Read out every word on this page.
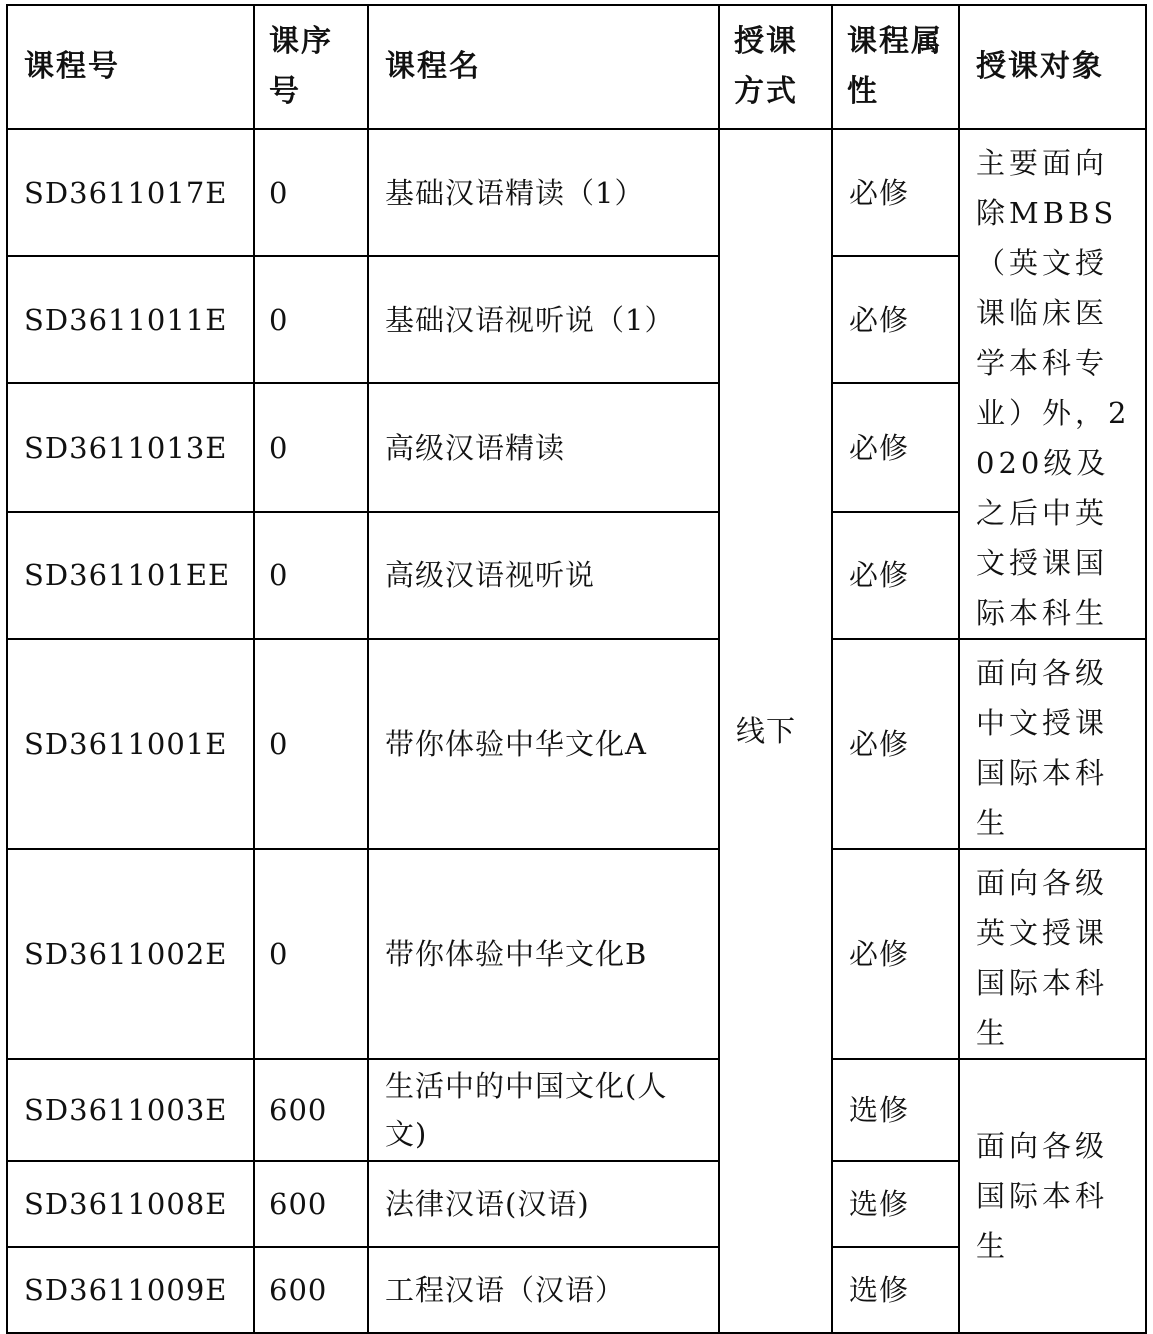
课程号	课序号	课程名	授课方式	课程属性	授课对象
SD3611017E	0	基础汉语精读（1）	线下	必修	主要面向除MBBS（英文授课临床医学本科专业）外，2020级及之后中英文授课国际本科生
SD3611011E	0	基础汉语视听说（1）		必修	
SD3611013E	0	高级汉语精读		必修	
SD361101EE	0	高级汉语视听说		必修	
SD3611001E	0	带你体验中华文化A		必修	面向各级中文授课国际本科生
SD3611002E	0	带你体验中华文化B		必修	面向各级英文授课国际本科生
SD3611003E	600	生活中的中国文化(人文)		选修	面向各级国际本科生
SD3611008E	600	法律汉语(汉语)		选修	
SD3611009E	600	工程汉语（汉语）		选修	
